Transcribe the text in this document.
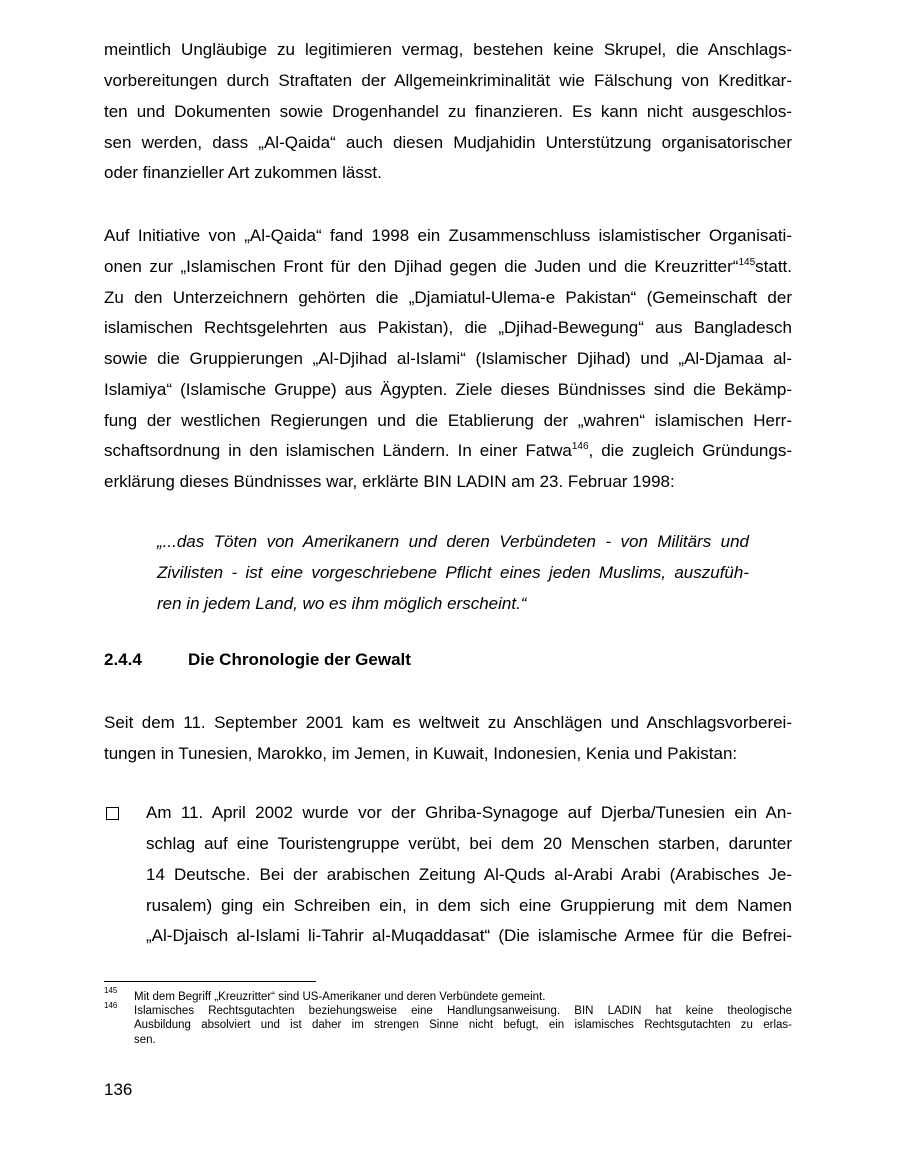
meintlich Ungläubige zu legitimieren vermag, bestehen keine Skrupel, die Anschlags-
vorbereitungen durch Straftaten der Allgemeinkriminalität wie Fälschung von Kreditkar-
ten und Dokumenten sowie Drogenhandel zu finanzieren. Es kann nicht ausgeschlos-
sen werden, dass „Al-Qaida“ auch diesen Mudjahidin Unterstützung organisatorischer
oder finanzieller Art zukommen lässt.
Auf Initiative von „Al-Qaida“ fand 1998 ein Zusammenschluss islamistischer Organisati-
onen zur „Islamischen Front für den Djihad gegen die Juden und die Kreuzritter“$^{145}$statt.
Zu den Unterzeichnern gehörten die „Djamiatul-Ulema-e Pakistan“ (Gemeinschaft der
islamischen Rechtsgelehrten aus Pakistan), die „Djihad-Bewegung“ aus Bangladesch
sowie die Gruppierungen „Al-Djihad al-Islami“ (Islamischer Djihad) und „Al-Djamaa al-
Islamiya“ (Islamische Gruppe) aus Ägypten. Ziele dieses Bündnisses sind die Bekämp-
fung der westlichen Regierungen und die Etablierung der „wahren“ islamischen Herr-
schaftsordnung in den islamischen Ländern. In einer Fatwa$^{146}$, die zugleich Gründungs-
erklärung dieses Bündnisses war, erklärte BIN LADIN am 23. Februar 1998:
„...das Töten von Amerikanern und deren Verbündeten - von Militärs und
Zivilisten - ist eine vorgeschriebene Pflicht eines jeden Muslims, auszufüh-
ren in jedem Land, wo es ihm möglich erscheint.“
2.4.4	Die Chronologie der Gewalt
Seit dem 11. September 2001 kam es weltweit zu Anschlägen und Anschlagsvorberei-
tungen in Tunesien, Marokko, im Jemen, in Kuwait, Indonesien, Kenia und Pakistan:
Am 11. April 2002 wurde vor der Ghriba-Synagoge auf Djerba/Tunesien ein An-
schlag auf eine Touristengruppe verübt, bei dem 20 Menschen starben, darunter
14 Deutsche. Bei der arabischen Zeitung Al-Quds al-Arabi Arabi (Arabisches Je-
rusalem) ging ein Schreiben ein, in dem sich eine Gruppierung mit dem Namen
„Al-Djaisch al-Islami li-Tahrir al-Muqaddasat“ (Die islamische Armee für die Befrei-
145
Mit dem Begriff „Kreuzritter“ sind US-Amerikaner und deren Verbündete gemeint.
146 Islamisches Rechtsgutachten beziehungsweise eine Handlungsanweisung. BIN LADIN hat keine theologische
Ausbildung absolviert und ist daher im strengen Sinne nicht befugt, ein islamisches Rechtsgutachten zu erlas-
sen.
136
